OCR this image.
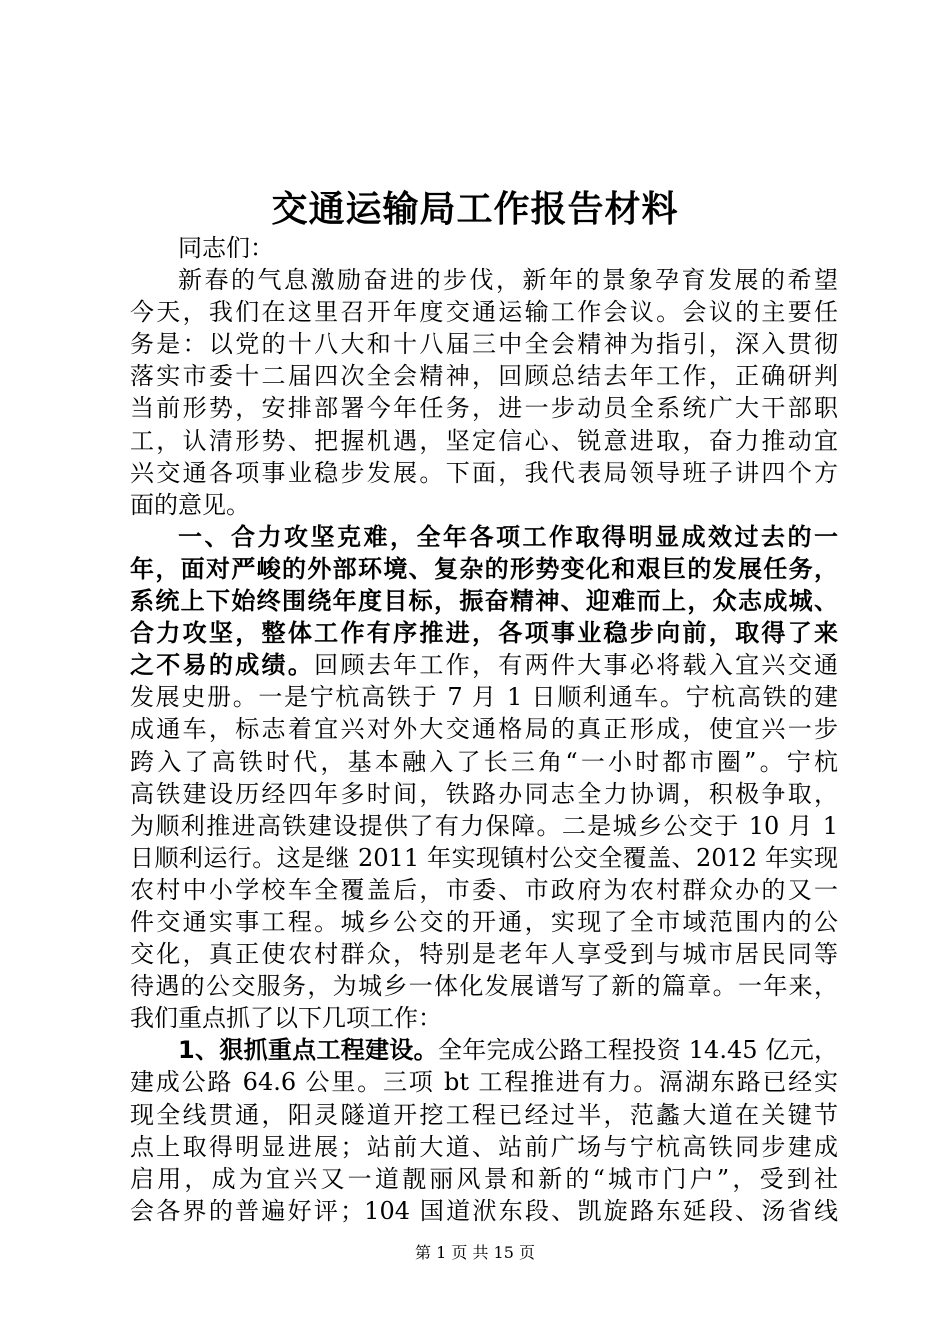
交通运输局工作报告材料
同志们：
新春的气息激励奋进的步伐，新年的景象孕育发展的希望
今天，我们在这里召开年度交通运输工作会议。会议的主要任
务是：以党的十八大和十八届三中全会精神为指引，深入贯彻
落实市委十二届四次全会精神，回顾总结去年工作，正确研判
当前形势，安排部署今年任务，进一步动员全系统广大干部职
工，认清形势、把握机遇，坚定信心、锐意进取，奋力推动宜
兴交通各项事业稳步发展。下面，我代表局领导班子讲四个方
面的意见。
一、合力攻坚克难，全年各项工作取得明显成效过去的一
年，面对严峻的外部环境、复杂的形势变化和艰巨的发展任务，
系统上下始终围绕年度目标，振奋精神、迎难而上，众志成城、
合力攻坚，整体工作有序推进，各项事业稳步向前，取得了来
之不易的成绩。回顾去年工作，有两件大事必将载入宜兴交通
发展史册。一是宁杭高铁于 7 月 1 日顺利通车。宁杭高铁的建
成通车，标志着宜兴对外大交通格局的真正形成，使宜兴一步
跨入了高铁时代，基本融入了长三角“一小时都市圈”。宁杭
高铁建设历经四年多时间，铁路办同志全力协调，积极争取，
为顺利推进高铁建设提供了有力保障。二是城乡公交于 10 月 1
日顺利运行。这是继 2011 年实现镇村公交全覆盖、2012 年实现
农村中小学校车全覆盖后，市委、市政府为农村群众办的又一
件交通实事工程。城乡公交的开通，实现了全市域范围内的公
交化，真正使农村群众，特别是老年人享受到与城市居民同等
待遇的公交服务，为城乡一体化发展谱写了新的篇章。一年来，
我们重点抓了以下几项工作：
1、狠抓重点工程建设。全年完成公路工程投资 14.45 亿元，
建成公路 64.6 公里。三项 bt 工程推进有力。滆湖东路已经实
现全线贯通，阳灵隧道开挖工程已经过半，范蠡大道在关键节
点上取得明显进展；站前大道、站前广场与宁杭高铁同步建成
启用，成为宜兴又一道靓丽风景和新的“城市门户”，受到社
会各界的普遍好评；104 国道洑东段、凯旋路东延段、汤省线
第 1 页 共 15 页
